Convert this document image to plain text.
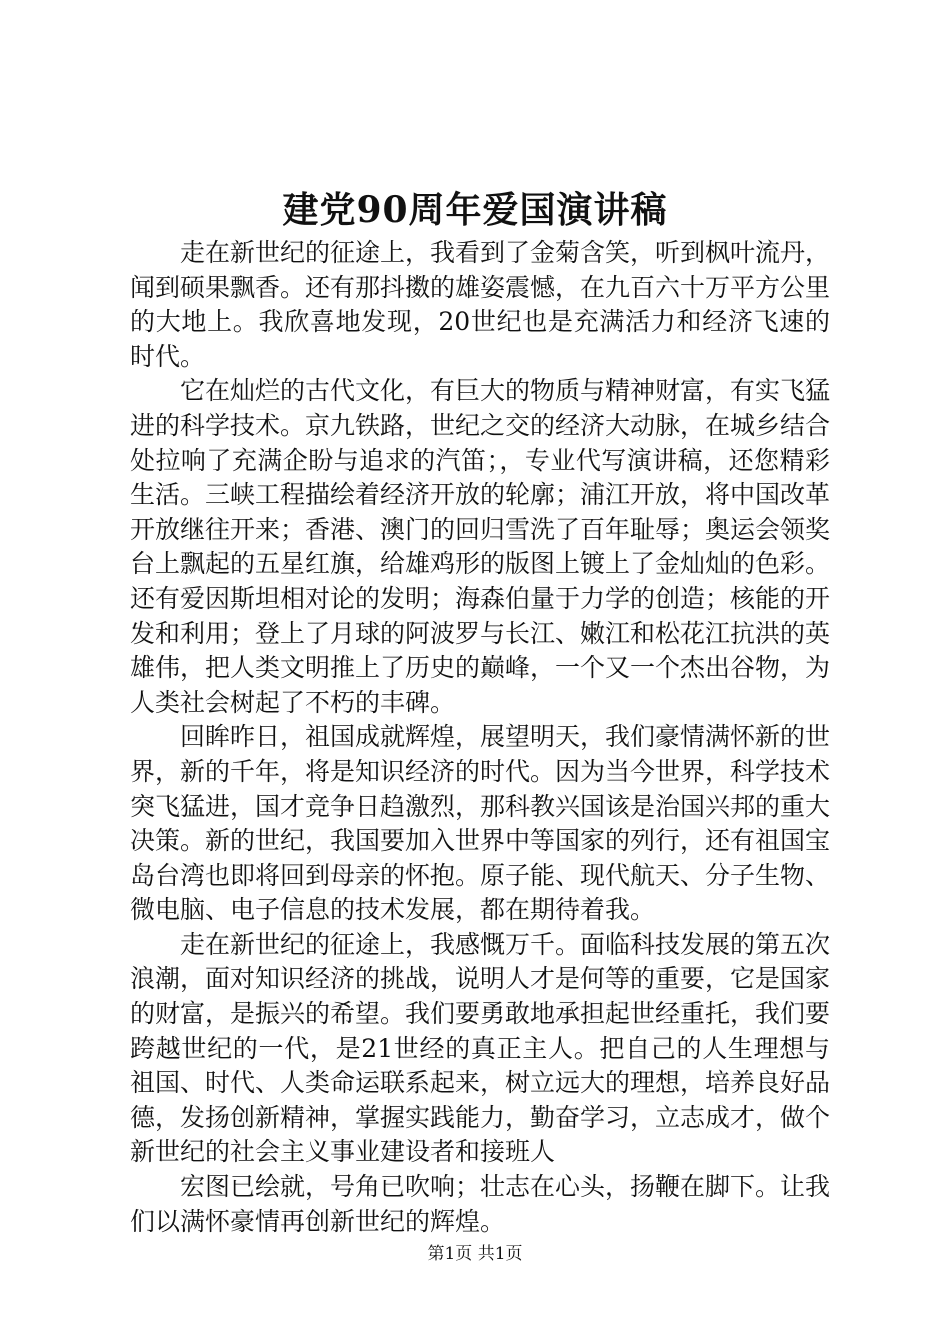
建党90周年爱国演讲稿

走在新世纪的征途上，我看到了金菊含笑，听到枫叶流丹，闻到硕果飘香。还有那抖擞的雄姿震憾，在九百六十万平方公里的大地上。我欣喜地发现，20世纪也是充满活力和经济飞速的时代。

它在灿烂的古代文化，有巨大的物质与精神财富，有实飞猛进的科学技术。京九铁路，世纪之交的经济大动脉，在城乡结合处拉响了充满企盼与追求的汽笛；，专业代写演讲稿，还您精彩生活。三峡工程描绘着经济开放的轮廓；浦江开放，将中国改革开放继往开来；香港、澳门的回归雪洗了百年耻辱；奥运会领奖台上飘起的五星红旗，给雄鸡形的版图上镀上了金灿灿的色彩。还有爱因斯坦相对论的发明；海森伯量于力学的创造；核能的开发和利用；登上了月球的阿波罗与长江、嫩江和松花江抗洪的英雄伟，把人类文明推上了历史的巅峰，一个又一个杰出谷物，为人类社会树起了不朽的丰碑。

回眸昨日，祖国成就辉煌，展望明天，我们豪情满怀新的世界，新的千年，将是知识经济的时代。因为当今世界，科学技术突飞猛进，国才竞争日趋激烈，那科教兴国该是治国兴邦的重大决策。新的世纪，我国要加入世界中等国家的列行，还有祖国宝岛台湾也即将回到母亲的怀抱。原子能、现代航天、分子生物、微电脑、电子信息的技术发展，都在期待着我。

走在新世纪的征途上，我感慨万千。面临科技发展的第五次浪潮，面对知识经济的挑战，说明人才是何等的重要，它是国家的财富，是振兴的希望。我们要勇敢地承担起世经重托，我们要跨越世纪的一代，是21世经的真正主人。把自己的人生理想与祖国、时代、人类命运联系起来，树立远大的理想，培养良好品德，发扬创新精神，掌握实践能力，勤奋学习，立志成才，做个新世纪的社会主义事业建设者和接班人

宏图已绘就，号角已吹响；壮志在心头，扬鞭在脚下。让我们以满怀豪情再创新世纪的辉煌。

第1页 共1页
